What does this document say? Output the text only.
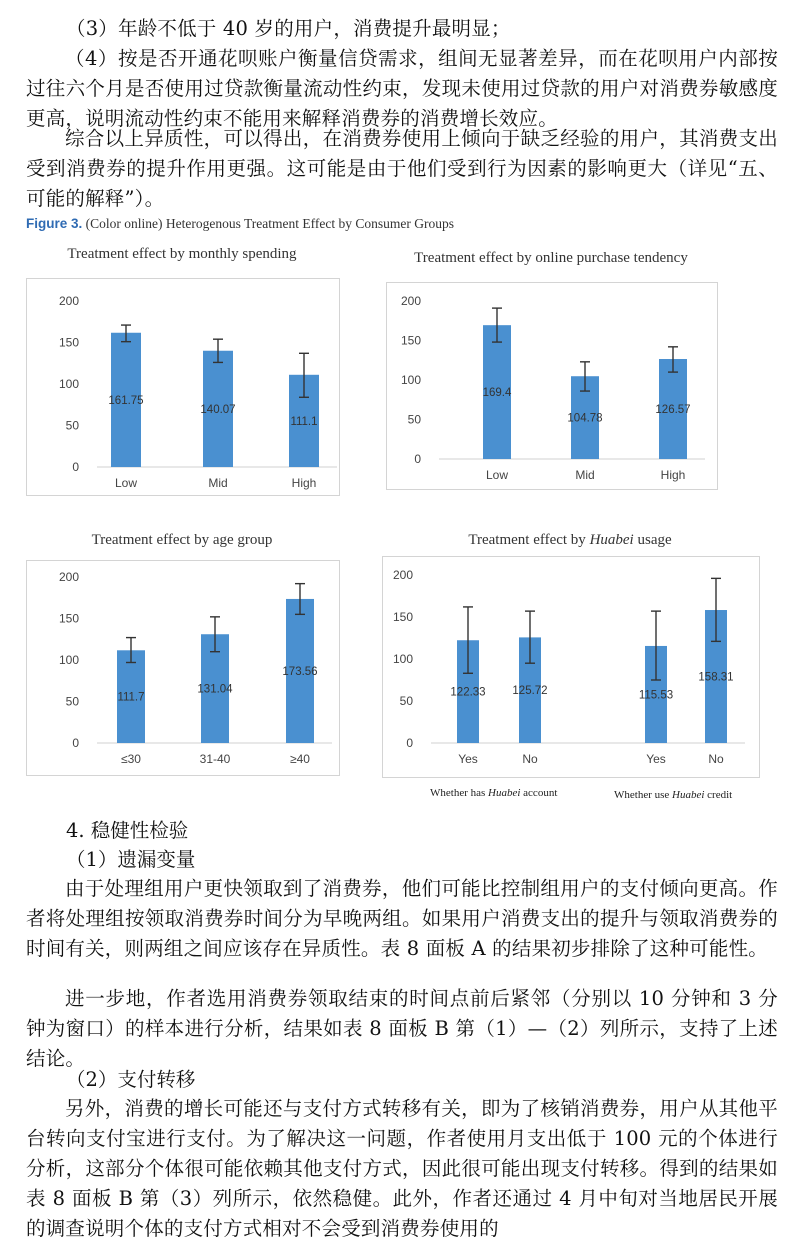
（3）年龄不低于 40 岁的用户，消费提升最明显；
（4）按是否开通花呗账户衡量信贷需求，组间无显著差异，而在花呗用户内部按过往六个月是否使用过贷款衡量流动性约束，发现未使用过贷款的用户对消费券敏感度更高，说明流动性约束不能用来解释消费券的消费增长效应。
综合以上异质性，可以得出，在消费券使用上倾向于缺乏经验的用户，其消费支出受到消费券的提升作用更强。这可能是由于他们受到行为因素的影响更大（详见“五、可能的解释”）。
Figure 3. (Color online) Heterogenous Treatment Effect by Consumer Groups
Treatment effect by monthly spending
0
50
100
150
200
161.75
Low
140.07
Mid
111.1
High
Treatment effect by online purchase tendency
0
50
100
150
200
169.4
Low
104.78
Mid
126.57
High
Treatment effect by age group
0
50
100
150
200
111.7
≤30
131.04
31-40
173.56
≥40
Treatment effect by Huabei usage
0
50
100
150
200
122.33
Yes
125.72
No
115.53
Yes
158.31
No
Whether has Huabei account	Whether use Huabei credit
4. 稳健性检验
（1）遗漏变量
由于处理组用户更快领取到了消费券，他们可能比控制组用户的支付倾向更高。作者将处理组按领取消费券时间分为早晚两组。如果用户消费支出的提升与领取消费券的时间有关，则两组之间应该存在异质性。表 8 面板 A 的结果初步排除了这种可能性。
进一步地，作者选用消费券领取结束的时间点前后紧邻（分别以 10 分钟和 3 分钟为窗口）的样本进行分析，结果如表 8 面板 B 第（1）—（2）列所示，支持了上述结论。
（2）支付转移
另外，消费的增长可能还与支付方式转移有关，即为了核销消费券，用户从其他平台转向支付宝进行支付。为了解决这一问题，作者使用月支出低于 100 元的个体进行分析，这部分个体很可能依赖其他支付方式，因此很可能出现支付转移。得到的结果如表 8 面板 B 第（3）列所示，依然稳健。此外，作者还通过 4 月中旬对当地居民开展的调查说明个体的支付方式相对不会受到消费券使用的
